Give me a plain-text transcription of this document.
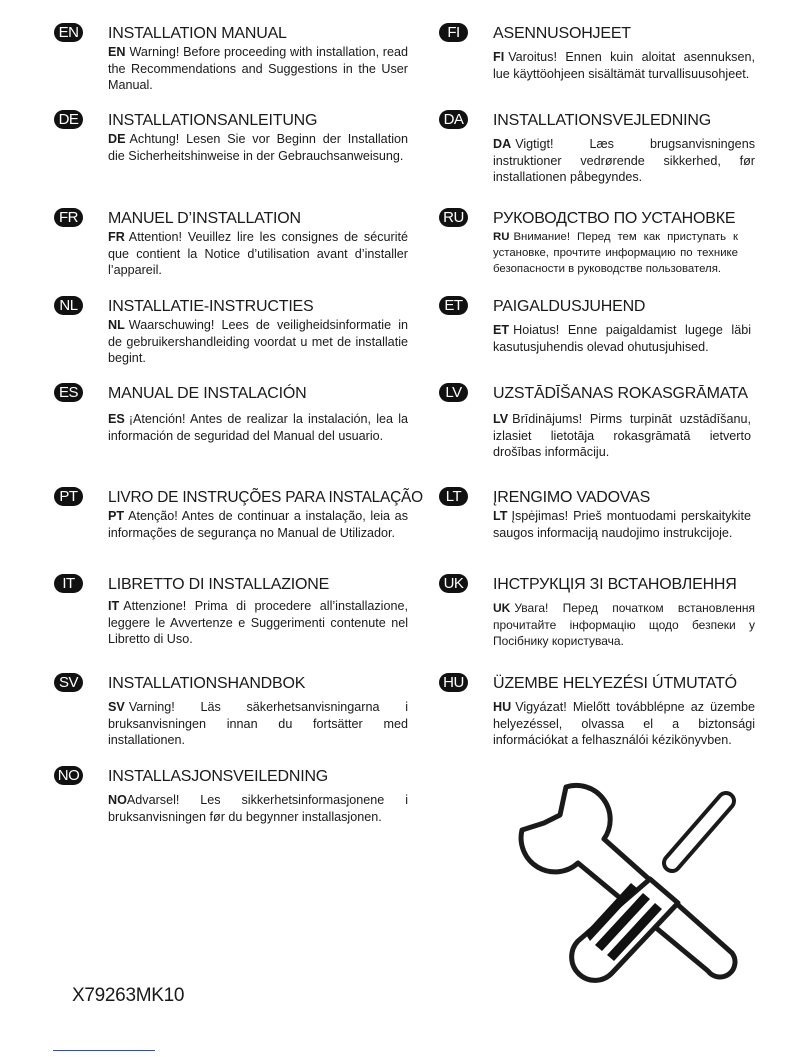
EN INSTALLATION MANUAL
EN Warning! Before proceeding with installation, read the Recommendations and Suggestions in the User Manual.
DE INSTALLATIONSANLEITUNG
DE Achtung! Lesen Sie vor Beginn der Installation die Sicherheitshinweise in der Gebrauchsanweisung.
FR	MANUEL D’INSTALLATION
FR Attention! Veuillez lire les consignes de sécurité que contient la Notice d’utilisation avant d’installer l’appareil.
NL	INSTALLATIE-INSTRUCTIES
NL Waarschuwing! Lees de veiligheidsinformatie in de gebruikershandleiding voordat u met de installatie begint.
ES	MANUAL DE INSTALACIÓN
ES ¡Atención! Antes de realizar la instalación, lea la información de seguridad del Manual del usuario.
PT	LIVRO DE INSTRUÇÕES PARA INSTALAÇÃO
PT Atenção! Antes de continuar a instalação, leia as informações de segurança no Manual de Utilizador.
IT	LIBRETTO DI INSTALLAZIONE
IT Attenzione! Prima di procedere all’installazione, leggere le Avvertenze e Suggerimenti contenute nel Libretto di Uso.
SV	INSTALLATIONSHANDBOK
SV Varning! Läs säkerhetsanvisningarna i bruksanvisningen innan du fortsätter med installationen.
NO INSTALLASJONSVEILEDNING
NOAdvarsel! Les sikkerhetsinformasjonene i bruksanvisningen før du begynner installasjonen.
FI	ASENNUSOHJEET
FI Varoitus! Ennen kuin aloitat asennuksen, lue käyttöohjeen sisältämät turvallisuusohjeet.
DA INSTALLATIONSVEJLEDNING
DA Vigtigt! Læs brugsanvisningens instruktioner vedrørende sikkerhed, før installationen påbegyndes.
RU РУКОВОДСТВО ПО УСТАНОВКЕ
RU Внимание! Перед тем как приступать к установке, прочтите информацию по технике безопасности в руководстве пользователя.
ET	PAIGALDUSJUHEND
ET Hoiatus! Enne paigaldamist lugege läbi kasutusjuhendis olevad ohutusjuhised.
LV	UZSTĀDĪŠANAS ROKASGRĀMATA
LV Brīdinājums! Pirms turpināt uzstādīšanu, izlasiet lietotāja rokasgrāmatā ietverto drošības informāciju.
LT	ĮRENGIMO VADOVAS
LT Įspėjimas! Prieš montuodami perskaitykite saugos informaciją naudojimo instrukcijoje.
UK ІНСТРУКЦІЯ ЗІ ВСТАНОВЛЕННЯ
UK Увага! Перед початком встановлення прочитайте інформацію щодо безпеки у Посібнику користувача.
HU ÜZEMBE HELYEZÉSI ÚTMUTATÓ
HU Vigyázat! Mielőtt továbblépne az üzembe helyezéssel, olvassa el a biztonsági információkat a felhasználói kézikönyvben.
X79263MK10
